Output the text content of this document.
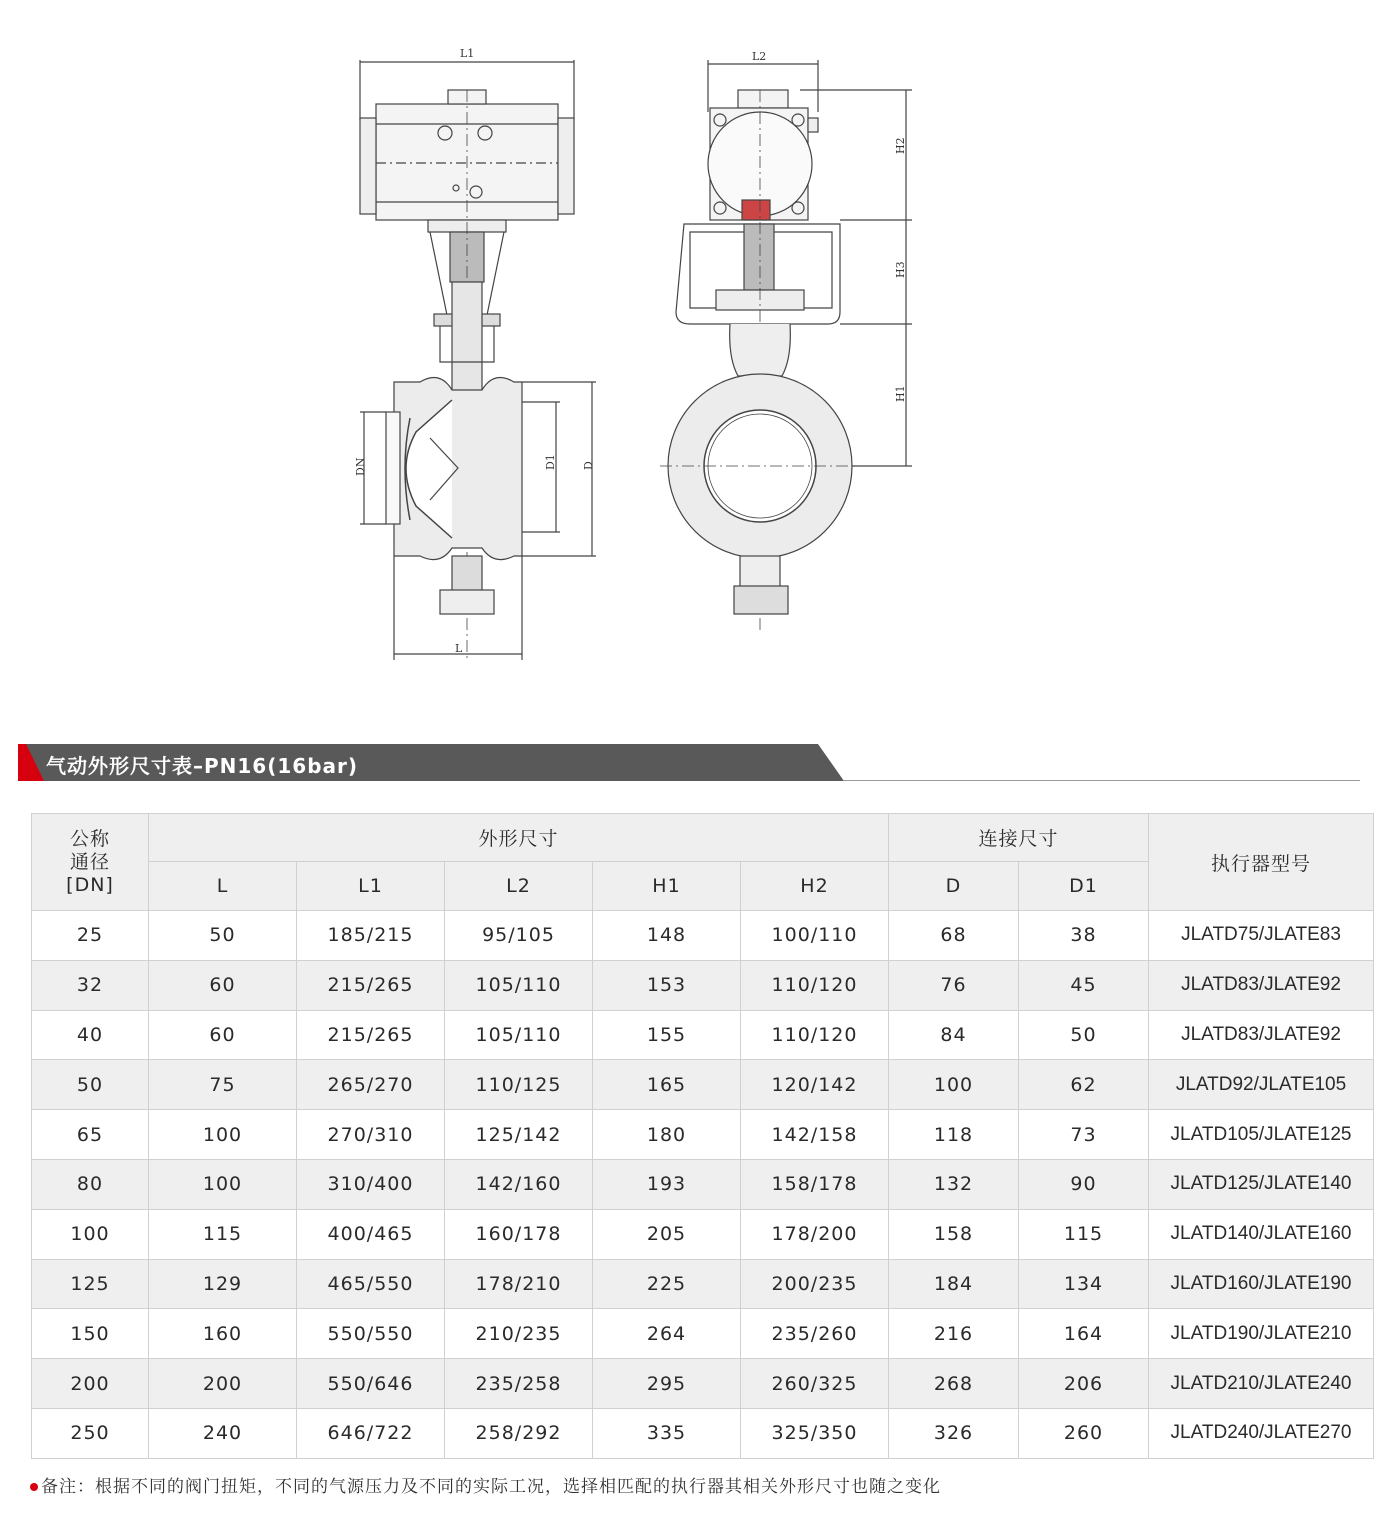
L1
L
DN	D1 D
L2
H2
H3
H1
气动外形尺寸表–PN16(16bar)
公称
通径
[DN]	外形尺寸					连接尺寸		执行器型号
	L	L1	L2	H1	H2	D	D1	
25	50	185/215	95/105	148	100/110	68	38	JLATD75/JLATE83
32	60	215/265	105/110	153	110/120	76	45	JLATD83/JLATE92
40	60	215/265	105/110	155	110/120	84	50	JLATD83/JLATE92
50	75	265/270	110/125	165	120/142	100	62	JLATD92/JLATE105
65	100	270/310	125/142	180	142/158	118	73	JLATD105/JLATE125
80	100	310/400	142/160	193	158/178	132	90	JLATD125/JLATE140
100	115	400/465	160/178	205	178/200	158	115	JLATD140/JLATE160
125	129	465/550	178/210	225	200/235	184	134	JLATD160/JLATE190
150	160	550/550	210/235	264	235/260	216	164	JLATD190/JLATE210
200	200	550/646	235/258	295	260/325	268	206	JLATD210/JLATE240
250	240	646/722	258/292	335	325/350	326	260	JLATD240/JLATE270
备注：根据不同的阀门扭矩，不同的气源压力及不同的实际工况，选择相匹配的执行器其相关外形尺寸也随之变化
